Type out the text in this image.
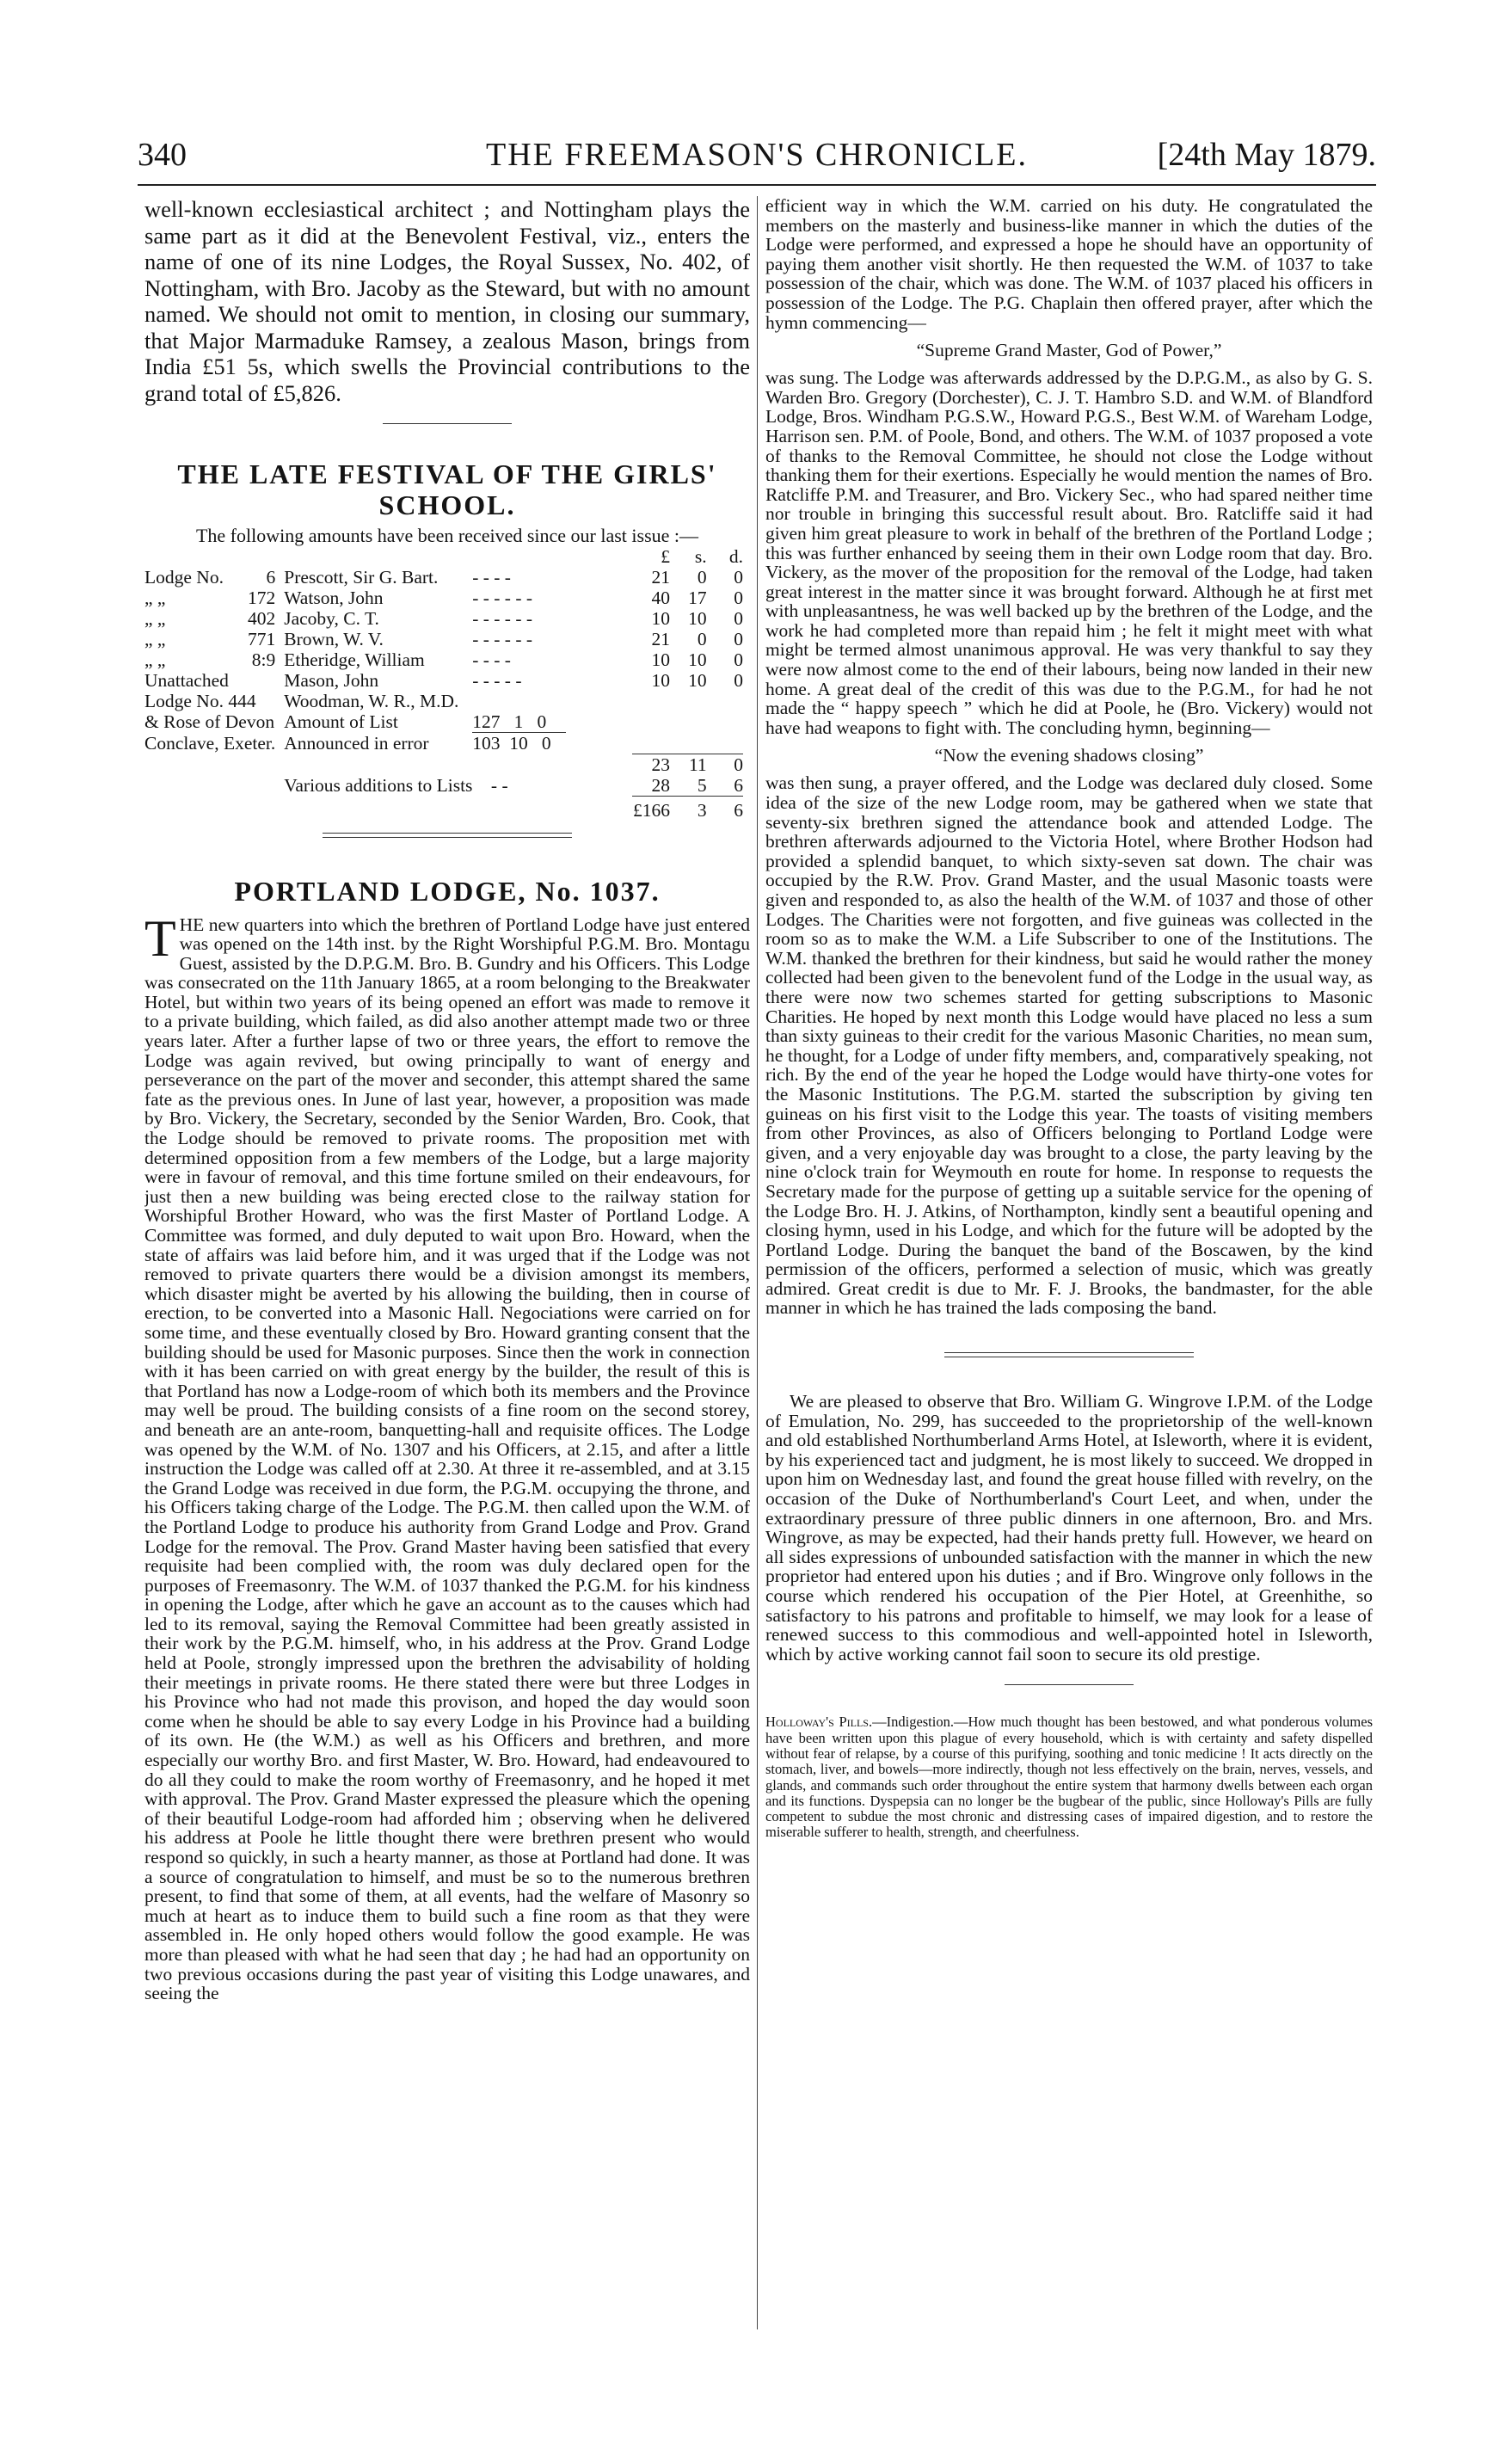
340	THE FREEMASON'S CHRONICLE.	[24th May 1879.

well-known ecclesiastical architect ; and Nottingham plays the same part as it did at the Benevolent Festival, viz., enters the name of one of its nine Lodges, the Royal Sussex, No. 402, of Nottingham, with Bro. Jacoby as the Steward, but with no amount named. We should not omit to mention, in closing our summary, that Major Marmaduke Ramsey, a zealous Mason, brings from India £51 5s, which swells the Provincial contributions to the grand total of £5,826.

THE LATE FESTIVAL OF THE GIRLS' SCHOOL.

The following amounts have been received since our last issue :—

					£	s.	d.
Lodge No.	6	Prescott, Sir G. Bart.	- - - -		21	0	0
„ „	172	Watson, John	- - - - - -		40	17	0
„ „	402	Jacoby, C. T.	- - - - - -		10	10	0
„ „	771	Brown, W. V.	- - - - - -		21	0	0
„ „	8:9	Etheridge, William	- - - -		10	10	0
Unattached		Mason, John	- - - - -		10	10	0
Lodge No. 444		Woodman, W. R., M.D.					
& Rose of Devon		Amount of List	127 1 0				
Conclave, Exeter.		Announced in error	103 10 0				
					23	11	0
		Various additions to Lists - -			28	5	6
					£166	3	6
PORTLAND LODGE, No. 1037.

THE new quarters into which the brethren of Portland Lodge have just entered was opened on the 14th inst. by the Right Worshipful P.G.M. Bro. Montagu Guest, assisted by the D.P.G.M. Bro. B. Gundry and his Officers. This Lodge was consecrated on the 11th January 1865, at a room belonging to the Breakwater Hotel, but within two years of its being opened an effort was made to remove it to a private building, which failed, as did also another attempt made two or three years later. After a further lapse of two or three years, the effort to remove the Lodge was again revived, but owing principally to want of energy and perseverance on the part of the mover and seconder, this attempt shared the same fate as the previous ones. In June of last year, however, a proposition was made by Bro. Vickery, the Secretary, seconded by the Senior Warden, Bro. Cook, that the Lodge should be removed to private rooms. The proposition met with determined opposition from a few members of the Lodge, but a large majority were in favour of removal, and this time fortune smiled on their endeavours, for just then a new building was being erected close to the railway station for Worshipful Brother Howard, who was the first Master of Portland Lodge. A Committee was formed, and duly deputed to wait upon Bro. Howard, when the state of affairs was laid before him, and it was urged that if the Lodge was not removed to private quarters there would be a division amongst its members, which disaster might be averted by his allowing the building, then in course of erection, to be converted into a Masonic Hall. Negociations were carried on for some time, and these eventually closed by Bro. Howard granting consent that the building should be used for Masonic purposes. Since then the work in connection with it has been carried on with great energy by the builder, the result of this is that Portland has now a Lodge-room of which both its members and the Province may well be proud. The building consists of a fine room on the second storey, and beneath are an ante-room, banquetting-hall and requisite offices. The Lodge was opened by the W.M. of No. 1307 and his Officers, at 2.15, and after a little instruction the Lodge was called off at 2.30. At three it re-assembled, and at 3.15 the Grand Lodge was received in due form, the P.G.M. occupying the throne, and his Officers taking charge of the Lodge. The P.G.M. then called upon the W.M. of the Portland Lodge to produce his authority from Grand Lodge and Prov. Grand Lodge for the removal. The Prov. Grand Master having been satisfied that every requisite had been complied with, the room was duly declared open for the purposes of Freemasonry. The W.M. of 1037 thanked the P.G.M. for his kindness in opening the Lodge, after which he gave an account as to the causes which had led to its removal, saying the Removal Committee had been greatly assisted in their work by the P.G.M. himself, who, in his address at the Prov. Grand Lodge held at Poole, strongly impressed upon the brethren the advisability of holding their meetings in private rooms. He there stated there were but three Lodges in his Province who had not made this provison, and hoped the day would soon come when he should be able to say every Lodge in his Province had a building of its own. He (the W.M.) as well as his Officers and brethren, and more especially our worthy Bro. and first Master, W. Bro. Howard, had endeavoured to do all they could to make the room worthy of Freemasonry, and he hoped it met with approval. The Prov. Grand Master expressed the pleasure which the opening of their beautiful Lodge-room had afforded him ; observing when he delivered his address at Poole he little thought there were brethren present who would respond so quickly, in such a hearty manner, as those at Portland had done. It was a source of congratulation to himself, and must be so to the numerous brethren present, to find that some of them, at all events, had the welfare of Masonry so much at heart as to induce them to build such a fine room as that they were assembled in. He only hoped others would follow the good example. He was more than pleased with what he had seen that day ; he had had an opportunity on two previous occasions during the past year of visiting this Lodge unawares, and seeing the

efficient way in which the W.M. carried on his duty. He congratulated the members on the masterly and business-like manner in which the duties of the Lodge were performed, and expressed a hope he should have an opportunity of paying them another visit shortly. He then requested the W.M. of 1037 to take possession of the chair, which was done. The W.M. of 1037 placed his officers in possession of the Lodge. The P.G. Chaplain then offered prayer, after which the hymn commencing—

“Supreme Grand Master, God of Power,”

was sung. The Lodge was afterwards addressed by the D.P.G.M., as also by G. S. Warden Bro. Gregory (Dorchester), C. J. T. Hambro S.D. and W.M. of Blandford Lodge, Bros. Windham P.G.S.W., Howard P.G.S., Best W.M. of Wareham Lodge, Harrison sen. P.M. of Poole, Bond, and others. The W.M. of 1037 proposed a vote of thanks to the Removal Committee, he should not close the Lodge without thanking them for their exertions. Especially he would mention the names of Bro. Ratcliffe P.M. and Treasurer, and Bro. Vickery Sec., who had spared neither time nor trouble in bringing this successful result about. Bro. Ratcliffe said it had given him great pleasure to work in behalf of the brethren of the Portland Lodge ; this was further enhanced by seeing them in their own Lodge room that day. Bro. Vickery, as the mover of the proposition for the removal of the Lodge, had taken great interest in the matter since it was brought forward. Although he at first met with unpleasantness, he was well backed up by the brethren of the Lodge, and the work he had completed more than repaid him ; he felt it might meet with what might be termed almost unanimous approval. He was very thankful to say they were now almost come to the end of their labours, being now landed in their new home. A great deal of the credit of this was due to the P.G.M., for had he not made the “ happy speech ” which he did at Poole, he (Bro. Vickery) would not have had weapons to fight with. The concluding hymn, beginning—

“Now the evening shadows closing”

was then sung, a prayer offered, and the Lodge was declared duly closed. Some idea of the size of the new Lodge room, may be gathered when we state that seventy-six brethren signed the attendance book and attended Lodge. The brethren afterwards adjourned to the Victoria Hotel, where Brother Hodson had provided a splendid banquet, to which sixty-seven sat down. The chair was occupied by the R.W. Prov. Grand Master, and the usual Masonic toasts were given and responded to, as also the health of the W.M. of 1037 and those of other Lodges. The Charities were not forgotten, and five guineas was collected in the room so as to make the W.M. a Life Subscriber to one of the Institutions. The W.M. thanked the brethren for their kindness, but said he would rather the money collected had been given to the benevolent fund of the Lodge in the usual way, as there were now two schemes started for getting subscriptions to Masonic Charities. He hoped by next month this Lodge would have placed no less a sum than sixty guineas to their credit for the various Masonic Charities, no mean sum, he thought, for a Lodge of under fifty members, and, comparatively speaking, not rich. By the end of the year he hoped the Lodge would have thirty-one votes for the Masonic Institutions. The P.G.M. started the subscription by giving ten guineas on his first visit to the Lodge this year. The toasts of visiting members from other Provinces, as also of Officers belonging to Portland Lodge were given, and a very enjoyable day was brought to a close, the party leaving by the nine o'clock train for Weymouth en route for home. In response to requests the Secretary made for the purpose of getting up a suitable service for the opening of the Lodge Bro. H. J. Atkins, of Northampton, kindly sent a beautiful opening and closing hymn, used in his Lodge, and which for the future will be adopted by the Portland Lodge. During the banquet the band of the Boscawen, by the kind permission of the officers, performed a selection of music, which was greatly admired. Great credit is due to Mr. F. J. Brooks, the bandmaster, for the able manner in which he has trained the lads composing the band.

We are pleased to observe that Bro. William G. Wingrove I.P.M. of the Lodge of Emulation, No. 299, has succeeded to the proprietorship of the well-known and old established Northumberland Arms Hotel, at Isleworth, where it is evident, by his experienced tact and judgment, he is most likely to succeed. We dropped in upon him on Wednesday last, and found the great house filled with revelry, on the occasion of the Duke of Northumberland's Court Leet, and when, under the extraordinary pressure of three public dinners in one afternoon, Bro. and Mrs. Wingrove, as may be expected, had their hands pretty full. However, we heard on all sides expressions of unbounded satisfaction with the manner in which the new proprietor had entered upon his duties ; and if Bro. Wingrove only follows in the course which rendered his occupation of the Pier Hotel, at Greenhithe, so satisfactory to his patrons and profitable to himself, we may look for a lease of renewed success to this commodious and well-appointed hotel in Isleworth, which by active working cannot fail soon to secure its old prestige.

Holloway's Pills.—Indigestion.—How much thought has been bestowed, and what ponderous volumes have been written upon this plague of every household, which is with certainty and safety dispelled without fear of relapse, by a course of this purifying, soothing and tonic medicine ! It acts directly on the stomach, liver, and bowels—more indirectly, though not less effectively on the brain, nerves, vessels, and glands, and commands such order throughout the entire system that harmony dwells between each organ and its functions. Dyspepsia can no longer be the bugbear of the public, since Holloway's Pills are fully competent to subdue the most chronic and distressing cases of impaired digestion, and to restore the miserable sufferer to health, strength, and cheerfulness.
